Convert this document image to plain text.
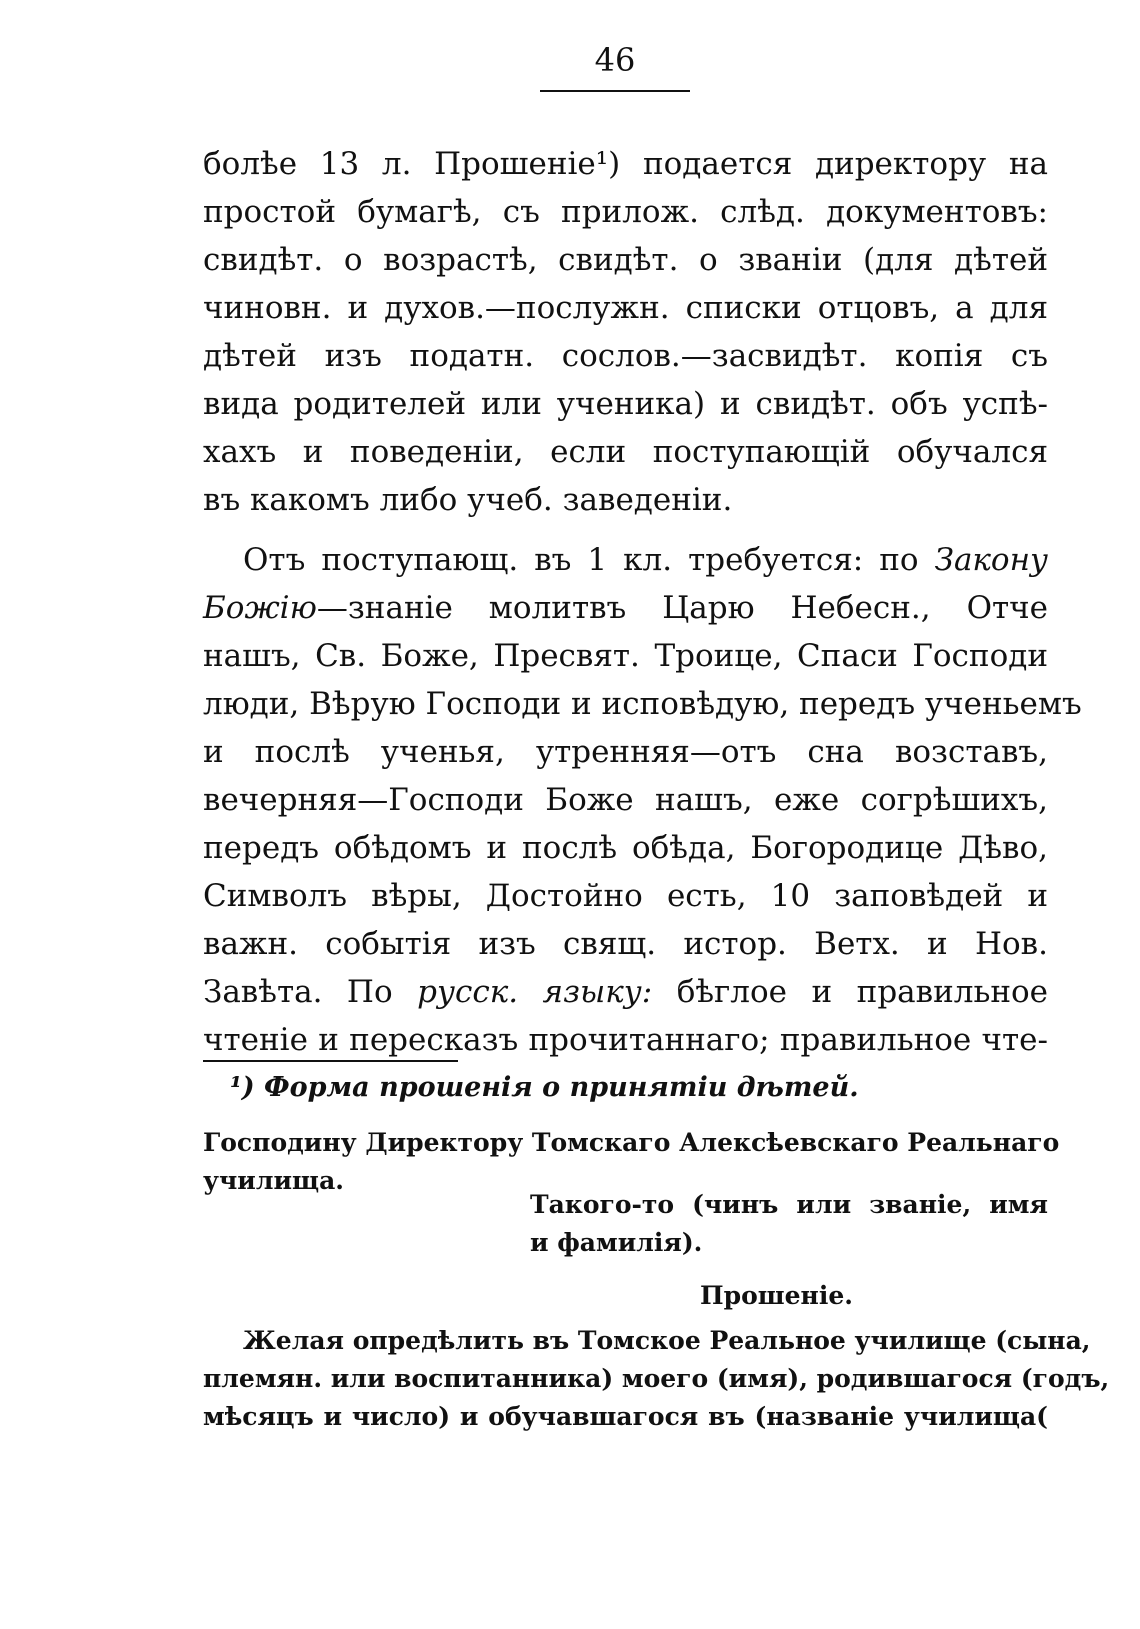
46
болѣе 13 л. Прошеніе¹) подается директору на
простой бумагѣ, съ прилож. слѣд. документовъ:
свидѣт. о возрастѣ, свидѣт. о званіи (для дѣтей
чиновн. и духов.—послужн. списки отцовъ, а для
дѣтей изъ податн. сослов.—засвидѣт. копія съ
вида родителей или ученика) и свидѣт. объ успѣ-
хахъ и поведеніи, если поступающій обучался
въ какомъ либо учеб. заведеніи.
Отъ поступающ. въ 1 кл. требуется: по Закону
Божію—знаніе молитвъ Царю Небесн., Отче
нашъ, Св. Боже, Пресвят. Троице, Спаси Господи
люди, Вѣрую Господи и исповѣдую, передъ ученьемъ
и послѣ ученья, утренняя—отъ сна возставъ,
вечерняя—Господи Боже нашъ, еже согрѣшихъ,
передъ обѣдомъ и послѣ обѣда, Богородице Дѣво,
Символъ вѣры, Достойно есть, 10 заповѣдей и
важн. событія изъ свящ. истор. Ветх. и Нов.
Завѣта. По русск. языку: бѣглое и правильное
чтеніе и пересказъ прочитаннаго; правильное чте-
¹) Форма прошенія о принятіи дѣтей.
Господину Директору Томскаго Алексѣевскаго Реальнаго
училища.
Такого-то (чинъ или званіе, имя
и фамилія).
Прошеніе.
Желая опредѣлить въ Томское Реальное училище (сына,
племян. или воспитанника) моего (имя), родившагося (годъ,
мѣсяцъ и число) и обучавшагося въ (названіе училища(
